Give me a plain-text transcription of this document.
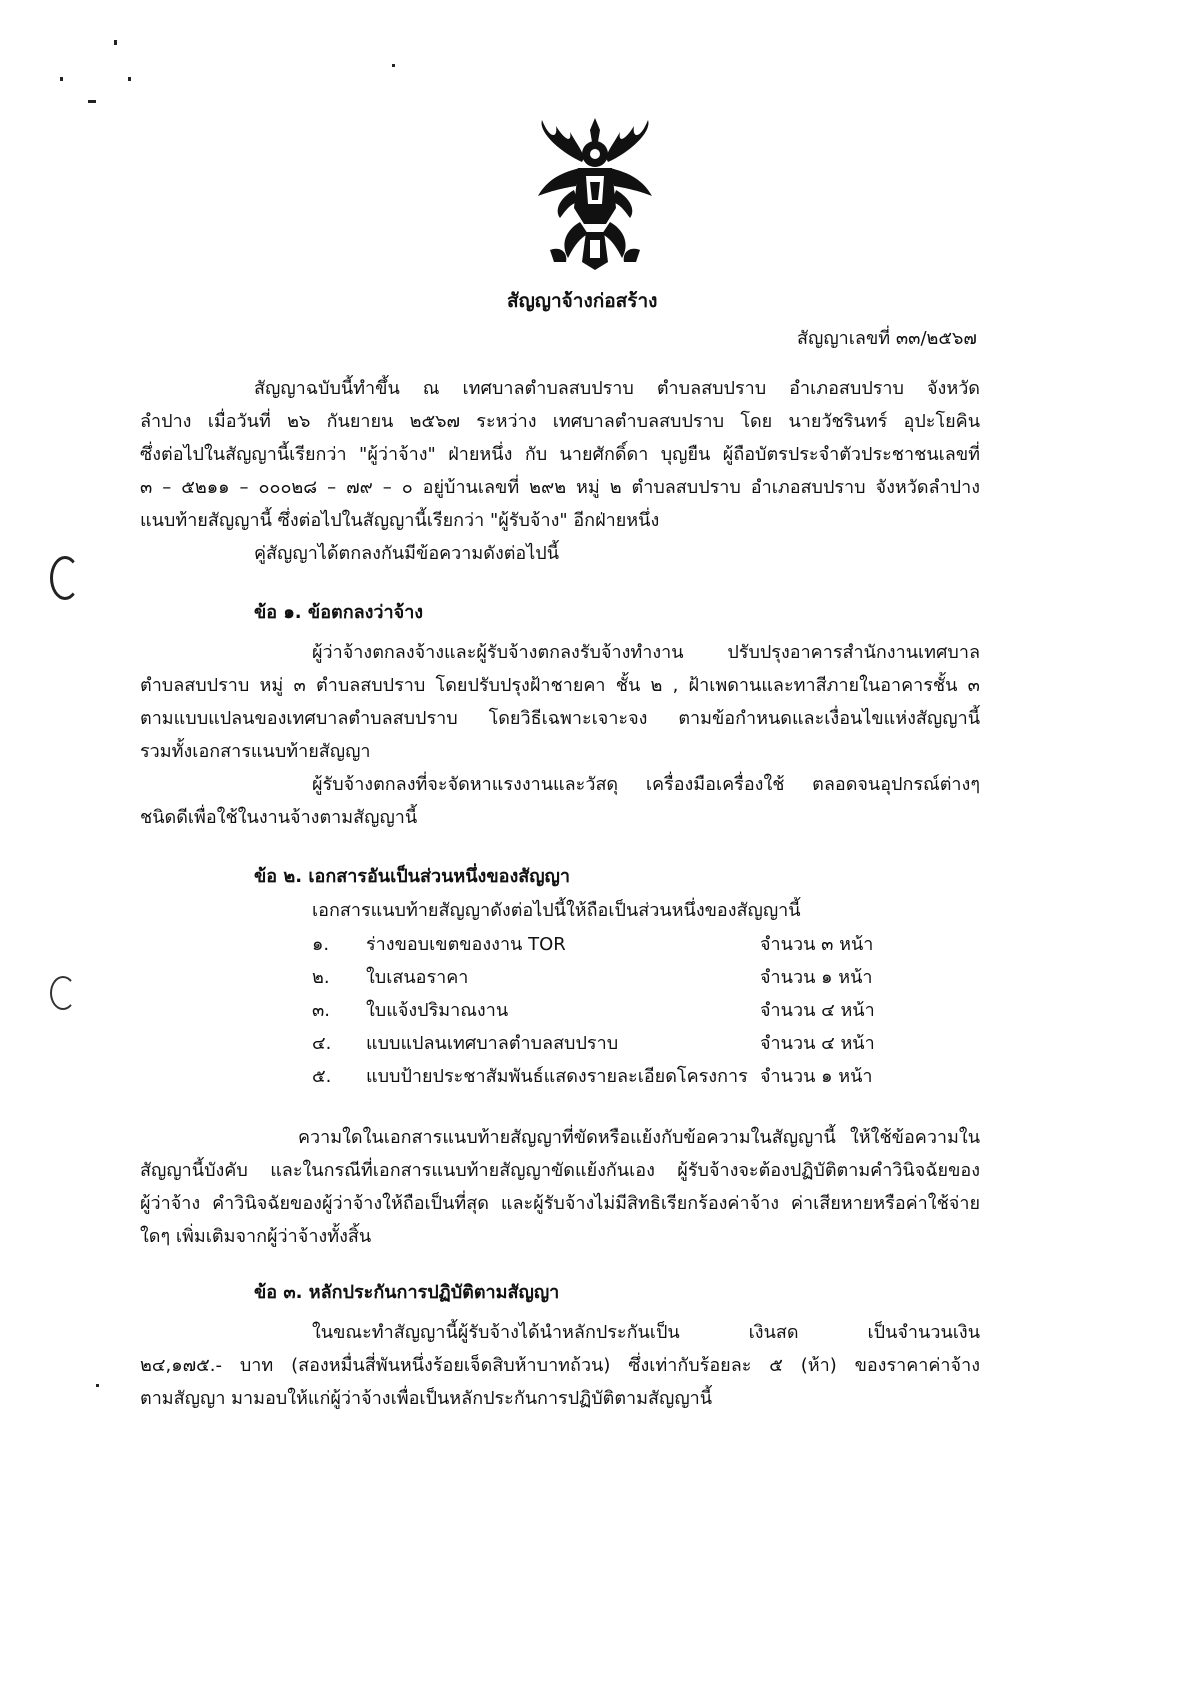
สัญญาจ้างก่อสร้าง
สัญญาเลขที่ ๓๓/๒๕๖๗
สัญญาฉบับนี้ทำขึ้น ณ เทศบาลตำบลสบปราบ ตำบลสบปราบ อำเภอสบปราบ จังหวัด
ลำปาง เมื่อวันที่ ๒๖ กันยายน ๒๕๖๗ ระหว่าง เทศบาลตำบลสบปราบ โดย นายวัชรินทร์ อุปะโยคิน
ซึ่งต่อไปในสัญญานี้เรียกว่า "ผู้ว่าจ้าง" ฝ่ายหนึ่ง กับ นายศักดิ์ดา บุญยืน ผู้ถือบัตรประจำตัวประชาชนเลขที่
๓ – ๕๒๑๑ – ๐๐๐๒๘ – ๗๙ – ๐ อยู่บ้านเลขที่ ๒๙๒ หมู่ ๒ ตำบลสบปราบ อำเภอสบปราบ จังหวัดลำปาง
แนบท้ายสัญญานี้ ซึ่งต่อไปในสัญญานี้เรียกว่า "ผู้รับจ้าง" อีกฝ่ายหนึ่ง
คู่สัญญาได้ตกลงกันมีข้อความดังต่อไปนี้
ข้อ ๑. ข้อตกลงว่าจ้าง
ผู้ว่าจ้างตกลงจ้างและผู้รับจ้างตกลงรับจ้างทำงาน ปรับปรุงอาคารสำนักงานเทศบาล
ตำบลสบปราบ หมู่ ๓ ตำบลสบปราบ โดยปรับปรุงฝ้าชายคา ชั้น ๒ , ฝ้าเพดานและทาสีภายในอาคารชั้น ๓
ตามแบบแปลนของเทศบาลตำบลสบปราบ โดยวิธีเฉพาะเจาะจง ตามข้อกำหนดและเงื่อนไขแห่งสัญญานี้
รวมทั้งเอกสารแนบท้ายสัญญา
ผู้รับจ้างตกลงที่จะจัดหาแรงงานและวัสดุ เครื่องมือเครื่องใช้ ตลอดจนอุปกรณ์ต่างๆ
ชนิดดีเพื่อใช้ในงานจ้างตามสัญญานี้
ข้อ ๒. เอกสารอันเป็นส่วนหนึ่งของสัญญา
เอกสารแนบท้ายสัญญาดังต่อไปนี้ให้ถือเป็นส่วนหนึ่งของสัญญานี้
๑. ร่างขอบเขตของงาน TOR	จำนวน ๓ หน้า
๒. ใบเสนอราคา	จำนวน ๑ หน้า
๓. ใบแจ้งปริมาณงาน	จำนวน ๔ หน้า
๔. แบบแปลนเทศบาลตำบลสบปราบ	จำนวน ๔ หน้า
๕. แบบป้ายประชาสัมพันธ์แสดงรายละเอียดโครงการ จำนวน ๑ หน้า
ความใดในเอกสารแนบท้ายสัญญาที่ขัดหรือแย้งกับข้อความในสัญญานี้ ให้ใช้ข้อความใน
สัญญานี้บังคับ และในกรณีที่เอกสารแนบท้ายสัญญาขัดแย้งกันเอง ผู้รับจ้างจะต้องปฏิบัติตามคำวินิจฉัยของ
ผู้ว่าจ้าง คำวินิจฉัยของผู้ว่าจ้างให้ถือเป็นที่สุด และผู้รับจ้างไม่มีสิทธิเรียกร้องค่าจ้าง ค่าเสียหายหรือค่าใช้จ่าย
ใดๆ เพิ่มเติมจากผู้ว่าจ้างทั้งสิ้น
ข้อ ๓. หลักประกันการปฏิบัติตามสัญญา
ในขณะทำสัญญานี้ผู้รับจ้างได้นำหลักประกันเป็น เงินสด เป็นจำนวนเงิน
๒๔,๑๗๕.- บาท (สองหมื่นสี่พันหนึ่งร้อยเจ็ดสิบห้าบาทถ้วน) ซึ่งเท่ากับร้อยละ ๕ (ห้า) ของราคาค่าจ้าง
ตามสัญญา มามอบให้แก่ผู้ว่าจ้างเพื่อเป็นหลักประกันการปฏิบัติตามสัญญานี้
